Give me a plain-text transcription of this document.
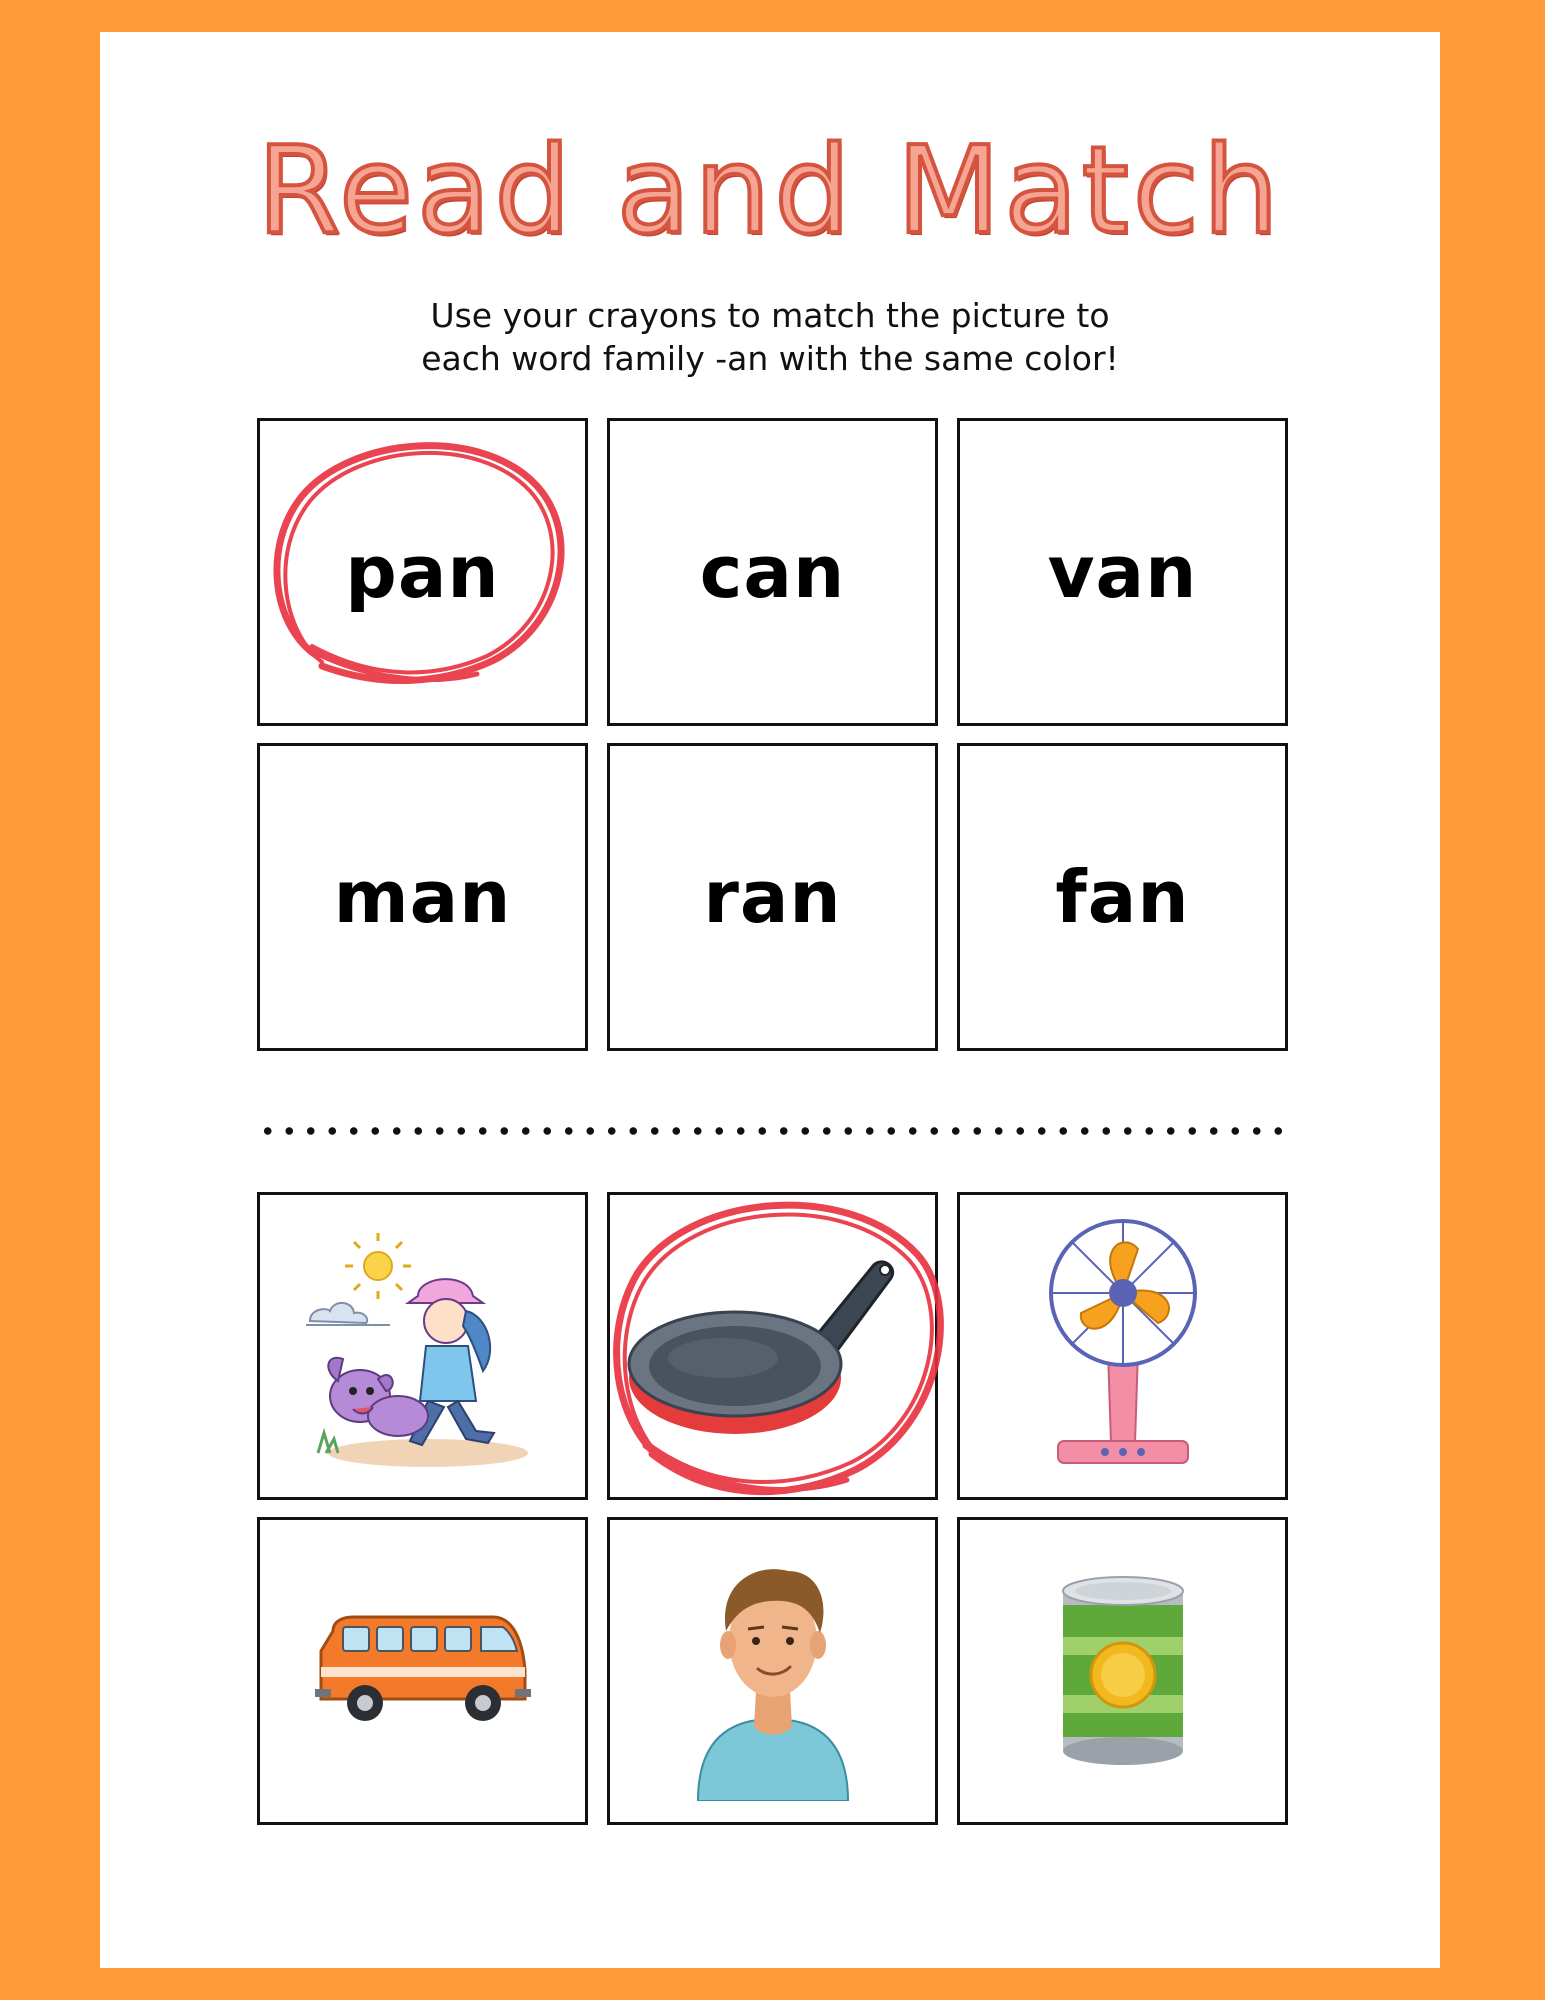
Read and Match
Use your crayons to match the picture to
each word family -an with the same color!
pan	can	van
man	ran	fan
